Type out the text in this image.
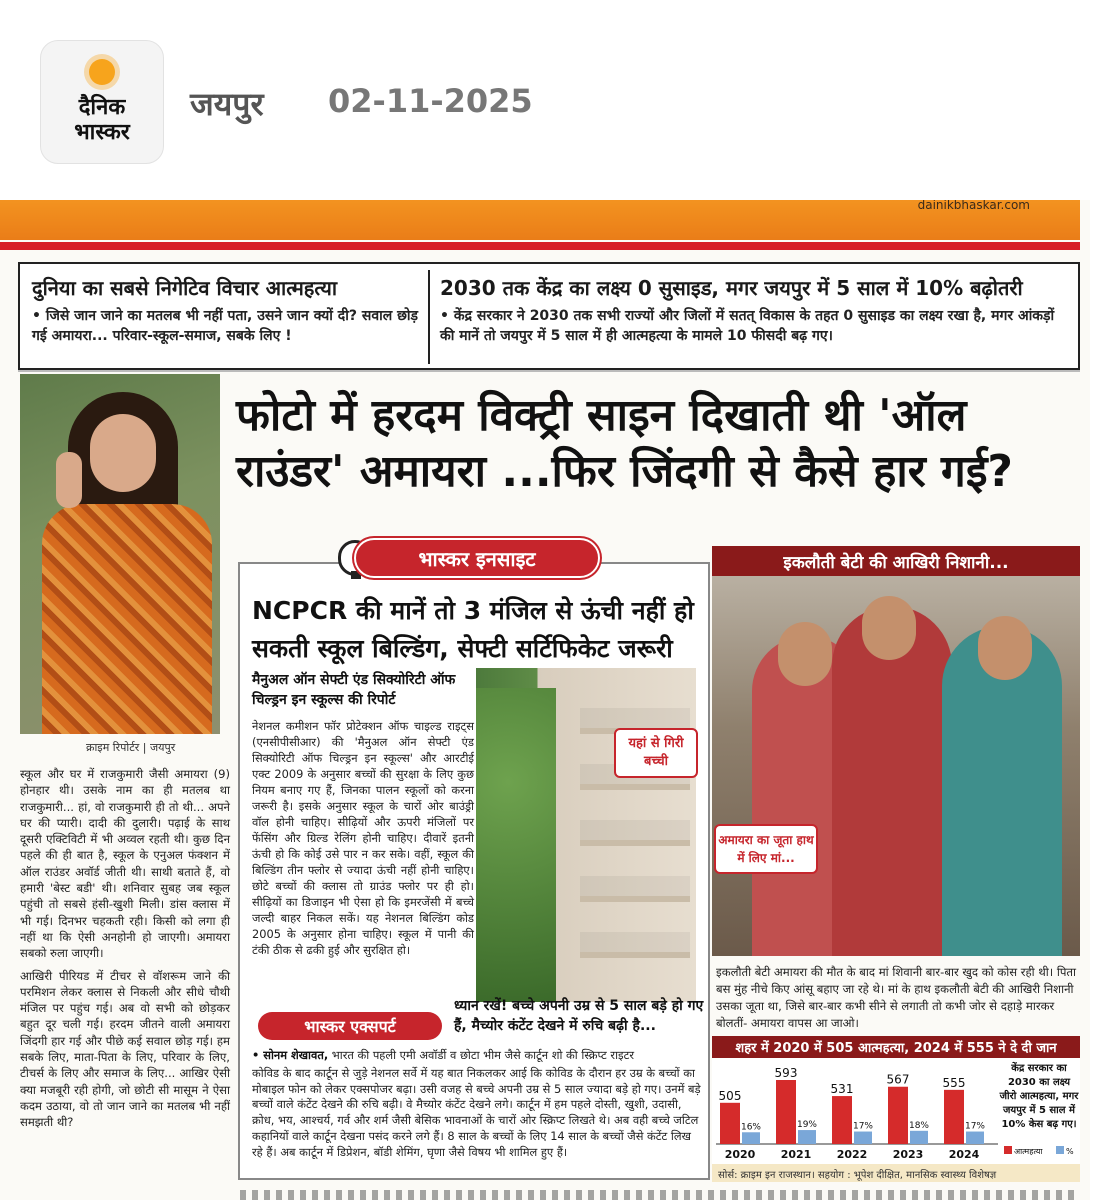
दैनिक
भास्कर
जयपुर 02-11-2025
dainikbhaskar.com
दुनिया का सबसे निगेटिव विचार आत्महत्या
• जिसे जान जाने का मतलब भी नहीं पता, उसने जान क्यों दी? सवाल छोड़ गई अमायरा... परिवार-स्कूल-समाज, सबके लिए !
2030 तक केंद्र का लक्ष्य 0 सुसाइड, मगर जयपुर में 5 साल में 10% बढ़ोतरी
• केंद्र सरकार ने 2030 तक सभी राज्यों और जिलों में सतत् विकास के तहत 0 सुसाइड का लक्ष्य रखा है, मगर आंकड़ों की मानें तो जयपुर में 5 साल में ही आत्महत्या के मामले 10 फीसदी बढ़ गए।
क्राइम रिपोर्टर | जयपुर
फोटो में हरदम विक्ट्री साइन दिखाती थी 'ऑल राउंडर' अमायरा ...फिर जिंदगी से कैसे हार गई?

स्कूल और घर में राजकुमारी जैसी अमायरा (9) होनहार थी। उसके नाम का ही मतलब था राजकुमारी... हां, वो राजकुमारी ही तो थी... अपने घर की प्यारी। दादी की दुलारी। पढ़ाई के साथ दूसरी एक्टिविटी में भी अव्वल रहती थी। कुछ दिन पहले की ही बात है, स्कूल के एनुअल फंक्शन में ऑल राउंडर अवॉर्ड जीती थी। साथी बताते हैं, वो हमारी 'बेस्ट बडी' थी। शनिवार सुबह जब स्कूल पहुंची तो सबसे हंसी-खुशी मिली। डांस क्लास में भी गई। दिनभर चहकती रही। किसी को लगा ही नहीं था कि ऐसी अनहोनी हो जाएगी। अमायरा सबको रुला जाएगी।

आखिरी पीरियड में टीचर से वॉशरूम जाने की परमिशन लेकर क्लास से निकली और सीधे चौथी मंजिल पर पहुंच गई। अब वो सभी को छोड़कर बहुत दूर चली गई। हरदम जीतने वाली अमायरा जिंदगी हार गई और पीछे कई सवाल छोड़ गई। हम सबके लिए, माता-पिता के लिए, परिवार के लिए, टीचर्स के लिए और समाज के लिए... आखिर ऐसी क्या मजबूरी रही होगी, जो छोटी सी मासूम ने ऐसा कदम उठाया, वो तो जान जाने का मतलब भी नहीं समझती थी?

भास्कर इनसाइट
NCPCR की मानें तो 3 मंजिल से ऊंची नहीं हो सकती स्कूल बिल्डिंग, सेफ्टी सर्टिफिकेट जरूरी
मैनुअल ऑन सेफ्टी एंड सिक्योरिटी ऑफ चिल्ड्रन इन स्कूल्स की रिपोर्ट
नेशनल कमीशन फॉर प्रोटेक्शन ऑफ चाइल्ड राइट्स (एनसीपीसीआर) की 'मैनुअल ऑन सेफ्टी एंड सिक्योरिटी ऑफ चिल्ड्रन इन स्कूल्स' और आरटीई एक्ट 2009 के अनुसार बच्चों की सुरक्षा के लिए कुछ नियम बनाए गए हैं, जिनका पालन स्कूलों को करना जरूरी है। इसके अनुसार स्कूल के चारों ओर बाउंड्री वॉल होनी चाहिए। सीढ़ियों और ऊपरी मंजिलों पर फेंसिंग और ग्रिल्ड रेलिंग होनी चाहिए। दीवारें इतनी ऊंची हो कि कोई उसे पार न कर सके। वहीं, स्कूल की बिल्डिंग तीन फ्लोर से ज्यादा ऊंची नहीं होनी चाहिए। छोटे बच्चों की क्लास तो ग्राउंड फ्लोर पर ही हो। सीढ़ियों का डिजाइन भी ऐसा हो कि इमरजेंसी में बच्चे जल्दी बाहर निकल सकें। यह नेशनल बिल्डिंग कोड 2005 के अनुसार होना चाहिए। स्कूल में पानी की टंकी ठीक से ढकी हुई और सुरक्षित हो।
यहां से गिरी बच्ची
ध्यान रखें! बच्चे अपनी उम्र से 5 साल बड़े हो गए हैं, मैच्योर कंटेंट देखने में रुचि बढ़ी है...
भास्कर एक्सपर्ट
• सोनम शेखावत, भारत की पहली एमी अवॉर्डी व छोटा भीम जैसे कार्टून शो की स्क्रिप्ट राइटर
कोविड के बाद कार्टून से जुड़े नेशनल सर्वे में यह बात निकलकर आई कि कोविड के दौरान हर उम्र के बच्चों का मोबाइल फोन को लेकर एक्सपोजर बढ़ा। उसी वजह से बच्चे अपनी उम्र से 5 साल ज्यादा बड़े हो गए। उनमें बड़े बच्चों वाले कंटेंट देखने की रुचि बढ़ी। वे मैच्योर कंटेंट देखने लगे। कार्टून में हम पहले दोस्ती, खुशी, उदासी, क्रोध, भय, आश्चर्य, गर्व और शर्म जैसी बेसिक भावनाओं के चारों ओर स्क्रिप्ट लिखते थे। अब वही बच्चे जटिल कहानियों वाले कार्टून देखना पसंद करने लगे हैं। 8 साल के बच्चों के लिए 14 साल के बच्चों जैसे कंटेंट लिख रहे हैं। अब कार्टून में डिप्रेशन, बॉडी शेमिंग, घृणा जैसे विषय भी शामिल हुए हैं।
इकलौती बेटी की आखिरी निशानी...
अमायरा का जूता हाथ में लिए मां...
इकलौती बेटी अमायरा की मौत के बाद मां शिवानी बार-बार खुद को कोस रही थी। पिता बस मुंह नीचे किए आंसू बहाए जा रहे थे। मां के हाथ इकलौती बेटी की आखिरी निशानी उसका जूता था, जिसे बार-बार कभी सीने से लगाती तो कभी जोर से दहाड़े मारकर बोलतीं- अमायरा वापस आ जाओ।
शहर में 2020 में 505 आत्महत्या, 2024 में 555 ने दे दी जान
505
16%
2020
593
19%
2021
531
17%
2022
567
18%
2023
555
17%
2024	आत्महत्या	%
केंद्र सरकार का 2030 का लक्ष्य जीरो आत्महत्या, मगर जयपुर में 5 साल में 10% केस बढ़ गए।
सोर्स: क्राइम इन राजस्थान। सहयोग : भूपेश दीक्षित, मानसिक स्वास्थ्य विशेषज्ञ
